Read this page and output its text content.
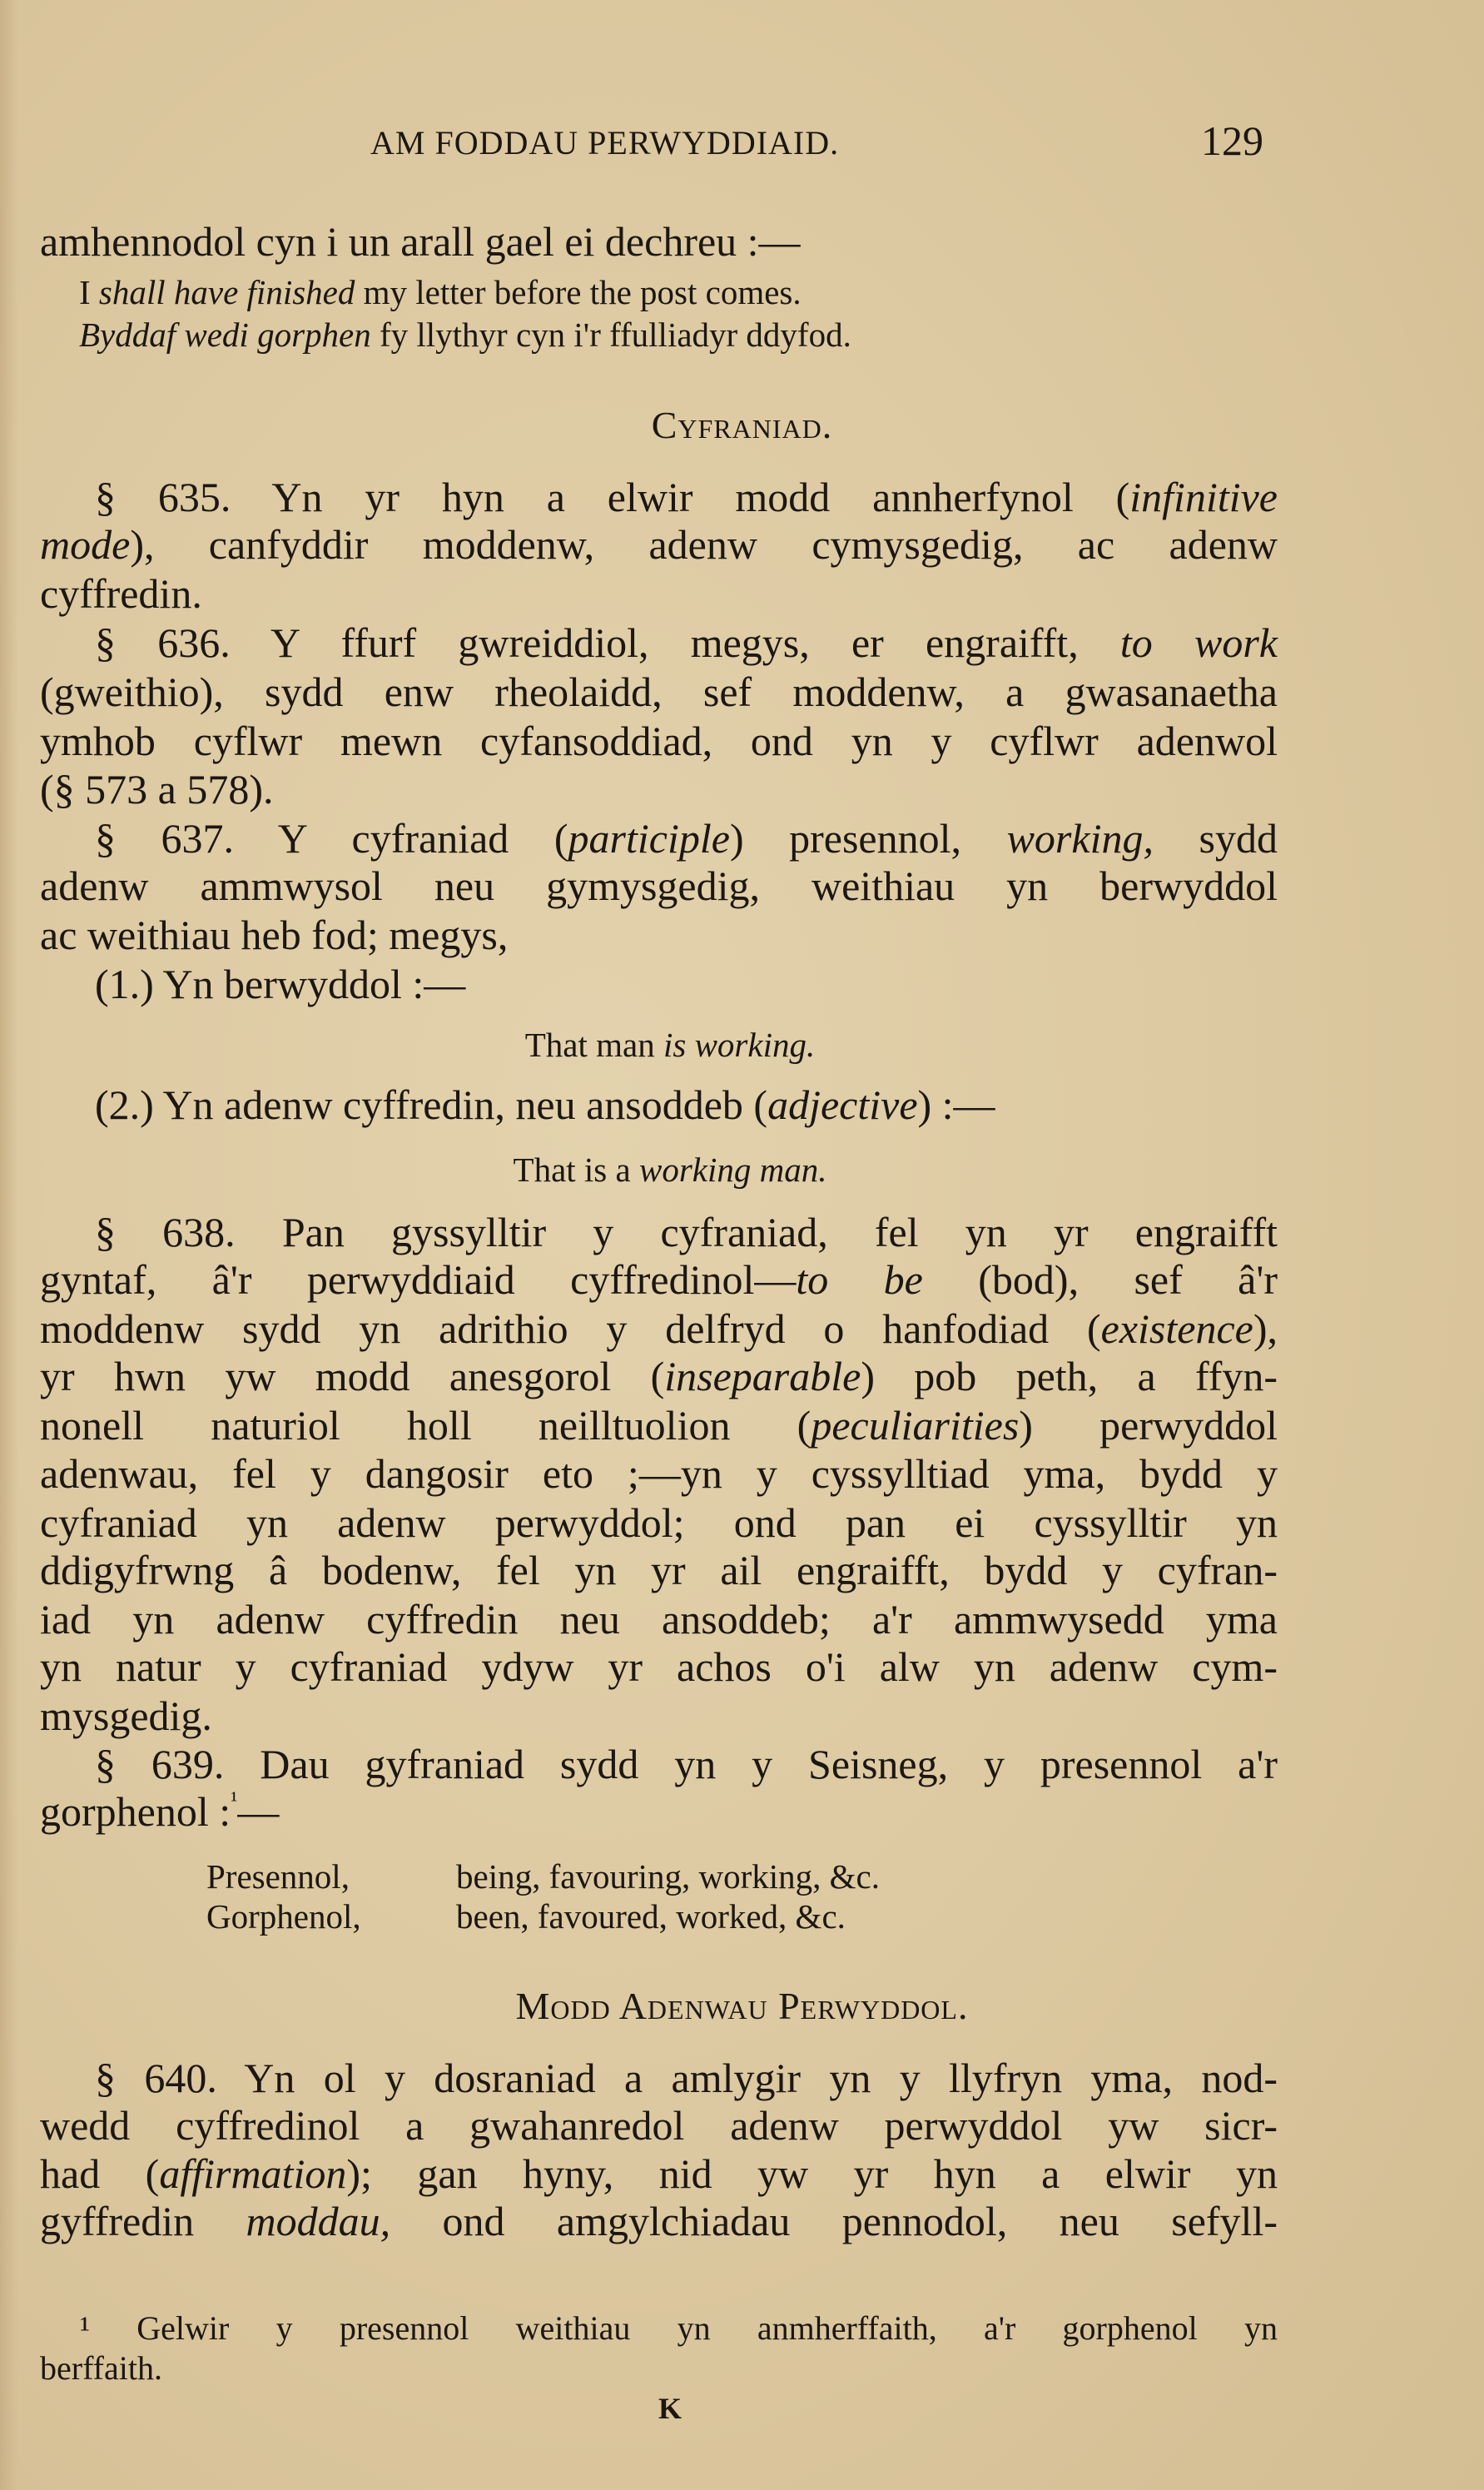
AM FODDAU PERWYDDIAID.	129
amhennodol cyn i un arall gael ei dechreu :—
I shall have finished my letter before the post comes.
Byddaf wedi gorphen fy llythyr cyn i'r ffulliadyr ddyfod.
Cyfraniad.
§ 635. Yn yr hyn a elwir modd annherfynol (infinitive
mode), canfyddir moddenw, adenw cymysgedig, ac adenw
cyffredin.
§ 636. Y ffurf gwreiddiol, megys, er engraifft, to work
(gweithio), sydd enw rheolaidd, sef moddenw, a gwasanaetha
ymhob cyflwr mewn cyfansoddiad, ond yn y cyflwr adenwol
(§ 573 a 578).
§ 637. Y cyfraniad (participle) presennol, working, sydd
adenw ammwysol neu gymysgedig, weithiau yn berwyddol
ac weithiau heb fod; megys,
(1.) Yn berwyddol :—
That man is working.
(2.) Yn adenw cyffredin, neu ansoddeb (adjective) :—
That is a working man.
§ 638. Pan gyssylltir y cyfraniad, fel yn yr engraifft
gyntaf, â'r perwyddiaid cyffredinol—to be (bod), sef â'r
moddenw sydd yn adrithio y delfryd o hanfodiad (existence),
yr hwn yw modd anesgorol (inseparable) pob peth, a ffyn-
nonell naturiol holl neilltuolion (peculiarities) perwyddol
adenwau, fel y dangosir eto ;—yn y cyssylltiad yma, bydd y
cyfraniad yn adenw perwyddol; ond pan ei cyssylltir yn
ddigyfrwng â bodenw, fel yn yr ail engraifft, bydd y cyfran-
iad yn adenw cyffredin neu ansoddeb; a'r ammwysedd yma
yn natur y cyfraniad ydyw yr achos o'i alw yn adenw cym-
mysgedig.
§ 639. Dau gyfraniad sydd yn y Seisneg, y presennol a'r
gorphenol :$^{^1}$—
Presennol,	being, favouring, working, &c.
Gorphenol,	been, favoured, worked, &c.
Modd Adenwau Perwyddol.
§ 640. Yn ol y dosraniad a amlygir yn y llyfryn yma, nod-
wedd cyffredinol a gwahanredol adenw perwyddol yw sicr-
had (affirmation); gan hyny, nid yw yr hyn a elwir yn
gyffredin moddau, ond amgylchiadau pennodol, neu sefyll-
¹ Gelwir y presennol weithiau yn anmherffaith, a'r gorphenol yn
berffaith.
K
